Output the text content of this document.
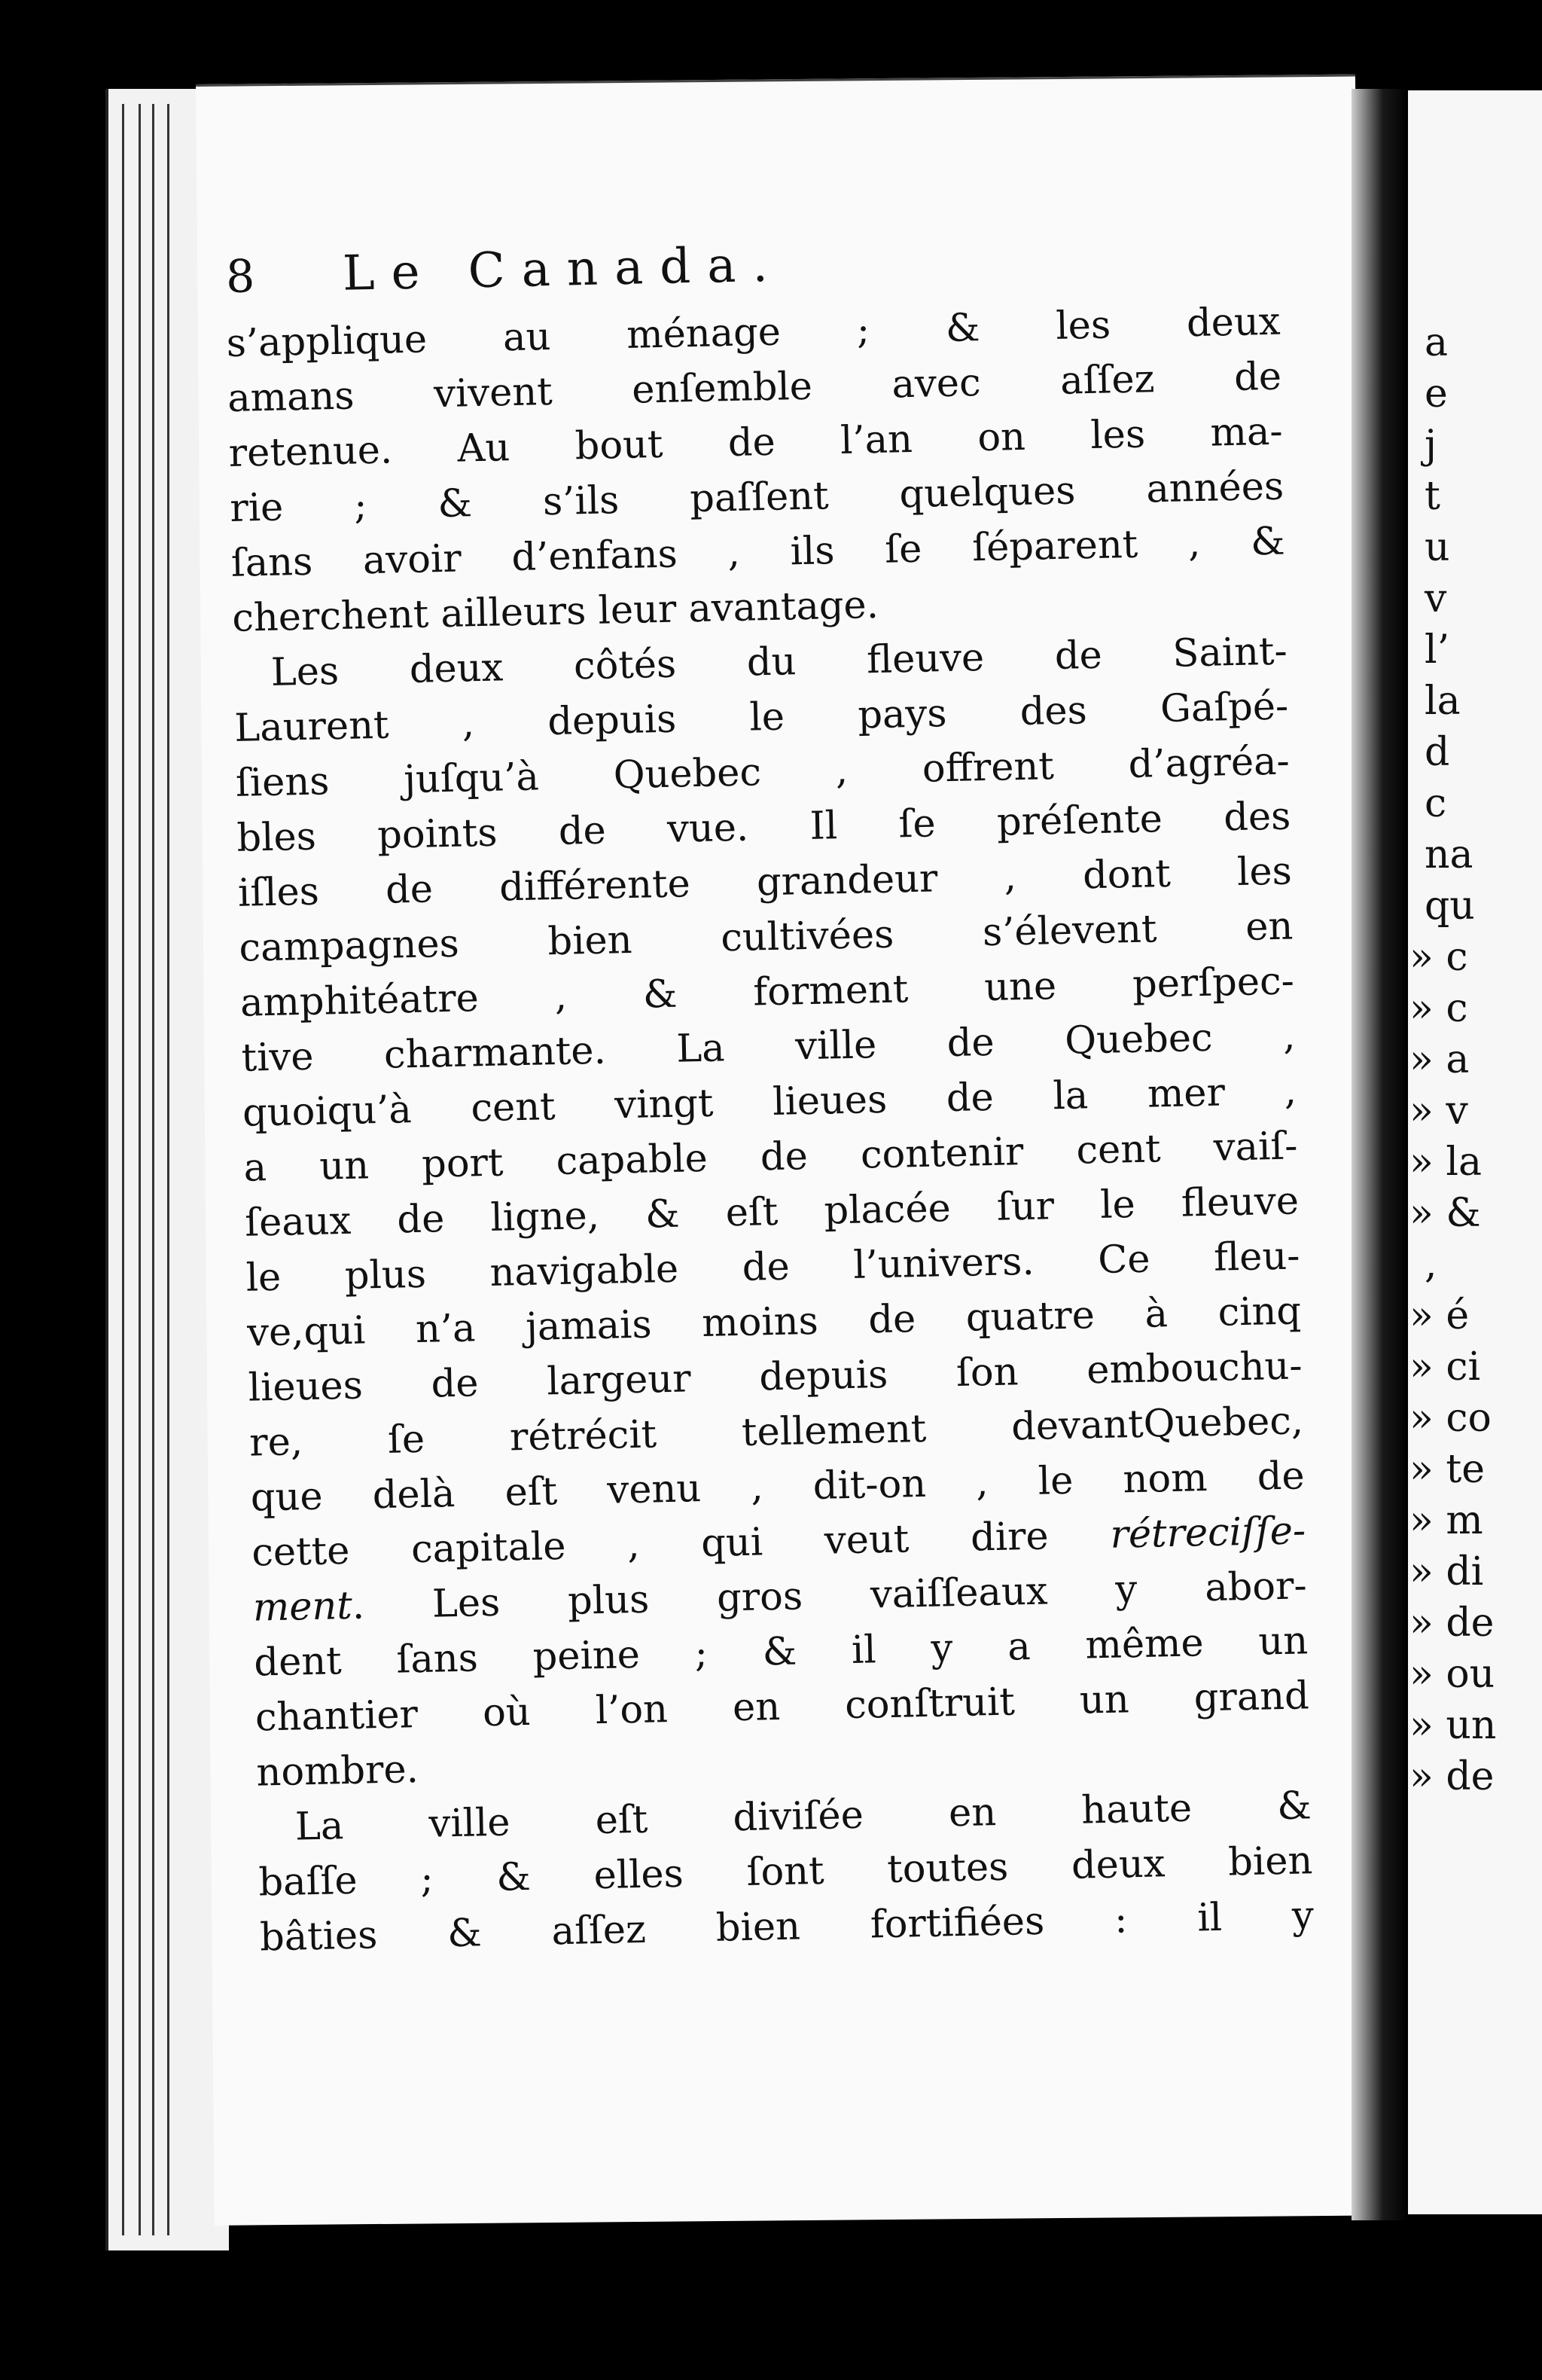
a
e
j
t
u
v
l’
la
d
c
na
qu
» c
» c
» a
» v
» la
» &
,
» é
» ci
» co
» te
» m
» di
» de
» ou
» un
» de
8 Le Canada.
s’applique au ménage ; & les deux
amans vivent enſemble avec aſſez de
retenue. Au bout de l’an on les ma-
rie ; & s’ils paſſent quelques années
ſans avoir d’enfans , ils ſe ſéparent , &
cherchent ailleurs leur avantage.
Les deux côtés du fleuve de Saint-
Laurent , depuis le pays des Gaſpé-
ſiens juſqu’à Quebec , offrent d’agréa-
bles points de vue. Il ſe préſente des
iſles de différente grandeur , dont les
campagnes bien cultivées s’élevent en
amphitéatre , & forment une perſpec-
tive charmante. La ville de Quebec ,
quoiqu’à cent vingt lieues de la mer ,
a un port capable de contenir cent vaiſ-
ſeaux de ligne, & eſt placée ſur le fleuve
le plus navigable de l’univers. Ce fleu-
ve,qui n’a jamais moins de quatre à cinq
lieues de largeur depuis ſon embouchu-
re, ſe rétrécit tellement devantQuebec,
que delà eſt venu , dit-on , le nom de
cette capitale , qui veut dire rétreciſſe-
ment. Les plus gros vaiſſeaux y abor-
dent ſans peine ; & il y a même un
chantier où l’on en conſtruit un grand
nombre.
La ville eſt diviſée en haute &
baſſe ; & elles ſont toutes deux bien
bâties & aſſez bien fortifiées : il y
